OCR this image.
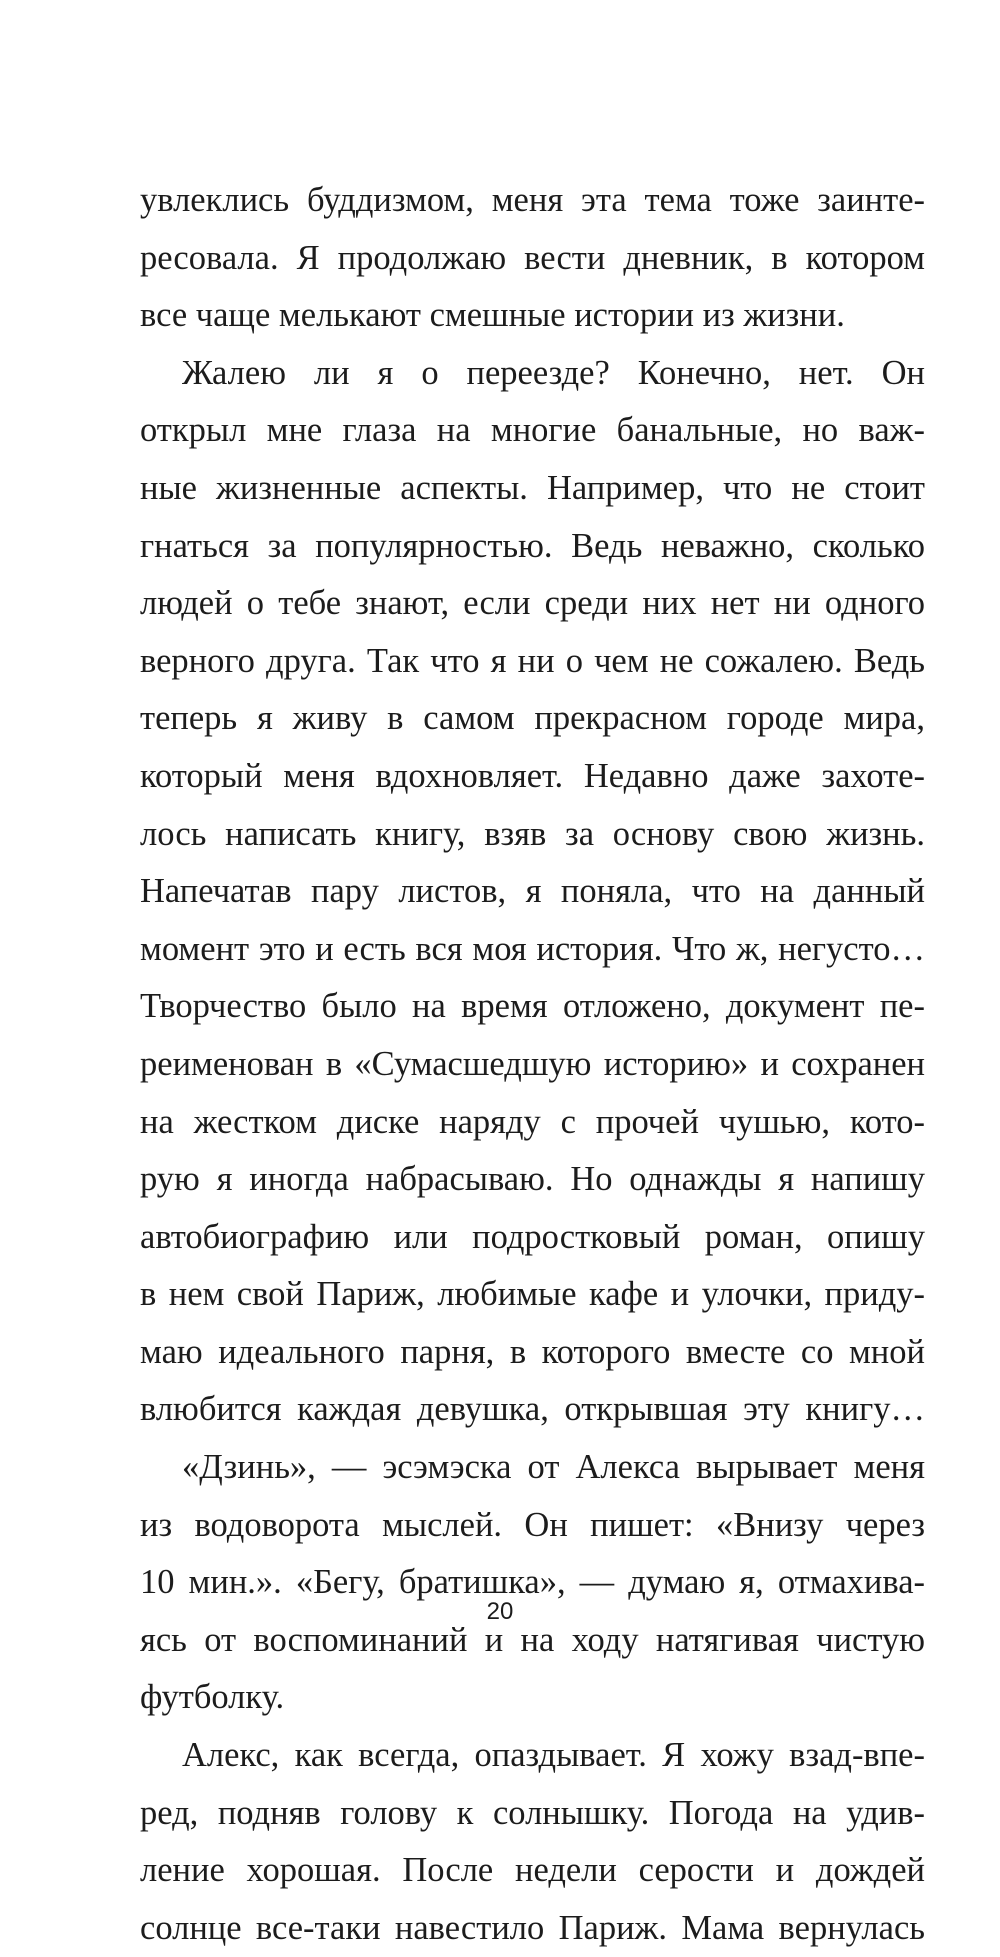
увлеклись буддизмом, меня эта тема тоже заинте-
ресовала. Я продолжаю вести дневник, в котором
все чаще мелькают смешные истории из жизни.
Жалею ли я о переезде? Конечно, нет. Он
открыл мне глаза на многие банальные, но важ-
ные жизненные аспекты. Например, что не стоит
гнаться за популярностью. Ведь неважно, сколько
людей о тебе знают, если среди них нет ни одного
верного друга. Так что я ни о чем не сожалею. Ведь
теперь я живу в самом прекрасном городе мира,
который меня вдохновляет. Недавно даже захоте-
лось написать книгу, взяв за основу свою жизнь.
Напечатав пару листов, я поняла, что на данный
момент это и есть вся моя история. Что ж, негусто…
Творчество было на время отложено, документ пе-
реименован в «Сумасшедшую историю» и сохранен
на жестком диске наряду с прочей чушью, кото-
рую я иногда набрасываю. Но однажды я напишу
автобиографию или подростковый роман, опишу
в нем свой Париж, любимые кафе и улочки, приду-
маю идеального парня, в которого вместе со мной
влюбится каждая девушка, открывшая эту книгу…
«Дзинь», — эсэмэска от Алекса вырывает меня
из водоворота мыслей. Он пишет: «Внизу через
10 мин.». «Бегу, братишка», — думаю я, отмахива-
ясь от воспоминаний и на ходу натягивая чистую
футболку.
Алекс, как всегда, опаздывает. Я хожу взад-впе-
ред, подняв голову к солнышку. Погода на удив-
ление хорошая. После недели серости и дождей
солнце все-таки навестило Париж. Мама вернулась
20
